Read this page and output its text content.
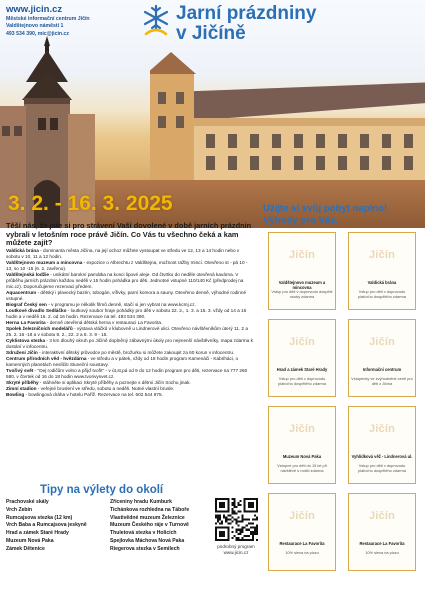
www.jicin.cz
Městské informační centrum Jičín
Valdštejnovo náměstí 1
493 534 390, mic@jicin.cz
Jarní prázdniny
v Jičíně
3. 2. - 16. 3. 2025
Těší nás, že jste si pro strávení Vaší dovolené v době jarních prázdnin vybrali v letošním roce právě Jičín. Co Vás tu všechno čeká a kam můžete zajít?

Valdická brána - dominanta města Jičína, na její ochoz můžete vystoupat ve středu ve 12, 13 a 14 hodin nebo v sobotu v 10, 11 a 12 hodin.

Valdštejnovo muzeum a mincovna - expozice o Albrechtu z Valdštejna, možnost ražby mincí. Otevřeno st - pá 10 - 13, so 10 -15 (6. 2. zavřeno).

Valdštejnská lodžie - unikátní barokní památka na konci lipové aleje. Od čtvrtku do neděle otevřená kavárna. V průběhu jarních prázdnin každou neděli v 15 hodin pohádka pro děti. Jednotné vstupné 110/140 Kč (předprodej na mic.cz). Doporučujeme rezervaci předem.

Aquacentrum - dětský i plavecký bazén, tobogán, vířivky, parní komora a sauny. Otevřeno denně, výhodné rodinné vstupné.

Biograf Český sen - v programu je několik filmů denně, stačí si jen vybrat na www.kcmj.cz.

Loutkové divadlo Sedláčko - loutkový soubor hraje pohádky pro děti v sobotu 22. 2., 1. 3. a 15. 3. vždy od 14 a 16 hodin a v neděli 16. 2. od 16 hodin. Rezervace na tel. 493 534 390.

Herna La Favorita - denně otevřená dětská herna v restauraci La Favorita.

Spolek železničních modelářů - výstava vláčků v klubovně u Lindnerové ulici. Otevřeno návštěvníkům úterý 11. 2 a 25. 2. 16 -18 a v sobotu 8. 2., 22. 2 a 8. 3. 9 - 15.

Cyklistova stezka - 3 km dlouhý okruh po Jičíně doplněný zábavnými úkoly pro nejmenší návštěvníky, mapa zdarma k dostání v infocentru.

Sdružení Jičín - interaktivní dětský průvodce po městě, brožurku si můžete zakoupit za 60 korun v infocentru.

Centrum přírodních věd - hvězdárna - ve středu a v pátek, vždy od 18 hodin program Kamenáči - Kabriháci, o kamenných planetách neslíčiti Sluneční soustavy.

Tvořivý svět - "Dej rodičům volno a přijď tvořit" - v út,st,pá od 9 do 12 hodin program pro děti, rezervace na 777 260 580, v čtvrtek od 16 do 18 hodin www.tvorivysvet.cz.

Skryté příběhy - stáhněte si aplikaci Skryté příběhy a poznejte s dětmi Jičín trochu jinak.

Zimní stadion - veřejné bruslení ve středu, sobotu a neděli. Nutné vlastní brusle.

Bowling - bowlingová dráha v hotelu Paříž. Rezervace na tel. 602 544 975.

Tipy na výlety do okolí
Prachovské skály
Vrch Zebín
Rumcajsova stezka (12 km)
Vrch Baba a Rumcajsova jeskyně
Hrad a zámek Staré Hrady
Muzeum Nová Paka
Zámek Dětenice
Zříceniny hradu Kumburk
Tichánkova rozhledna na Táboře
Vlastivědné muzeum Železnice
Muzeum Českého ráje v Turnově
Thuletová stezka v Holicích
Spejlovka Máchova Nová Paka
Riegerova stezka v Semilech	podrobný program
www.jicin.cz
Užijte si svůj pobyt naplno!
Výhody pro Vás.
Jičín
Valdštejnovo muzeum a mincovna
Vstup pro děti v doprovodu dospělé osoby zdarma
Jičín
Valdická brána
Vstup pro děti v doprovodu platícího dospělého zdarma
Jičín
Hrad a zámek Staré Hrady
Vstup pro děti v doprovodu platícího dospělého zdarma
Jičín
Informační centrum
Vstupenky ve zvýhodněné ceně pro děti z Jičína
Jičín
Muzeum Nová Paka
Vstupné pro děti do 15 let při návštěvě s rodiči zdarma
Jičín
Vyhlídková věž - Lindnerová ul.
Vstup pro děti v doprovodu platícího dospělého zdarma
Jičín
Restaurace La Favorita
10% sleva na pizzu
Jičín
Restaurace La Favorita
10% sleva na pizzu
